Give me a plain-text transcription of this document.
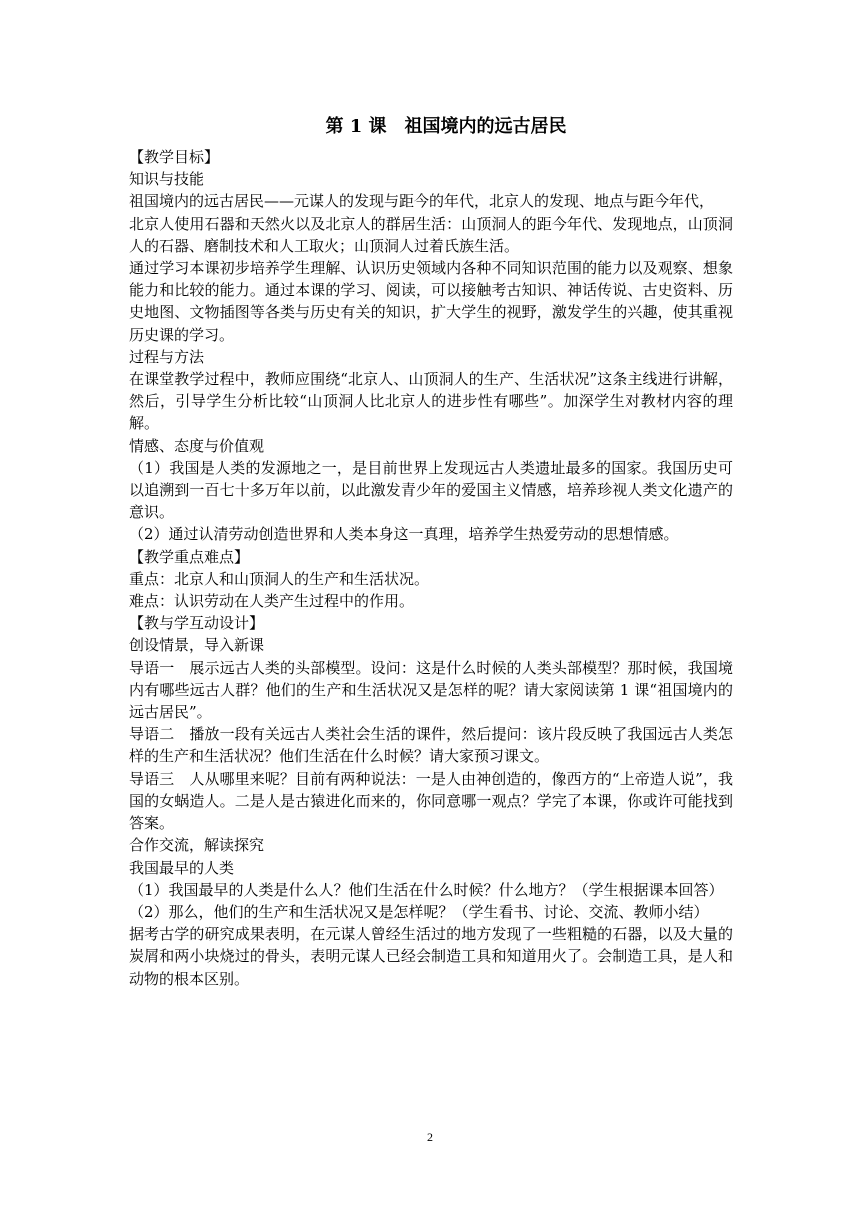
第 1 课　祖国境内的远古居民

【教学目标】

知识与技能

祖国境内的远古居民——元谋人的发现与距今的年代，北京人的发现、地点与距今年代，

北京人使用石器和天然火以及北京人的群居生活：山顶洞人的距今年代、发现地点，山顶洞人的石器、磨制技术和人工取火；山顶洞人过着氏族生活。

通过学习本课初步培养学生理解、认识历史领域内各种不同知识范围的能力以及观察、想象能力和比较的能力。通过本课的学习、阅读，可以接触考古知识、神话传说、古史资料、历史地图、文物插图等各类与历史有关的知识，扩大学生的视野，激发学生的兴趣，使其重视历史课的学习。

过程与方法

在课堂教学过程中，教师应围绕“北京人、山顶洞人的生产、生活状况”这条主线进行讲解，然后，引导学生分析比较“山顶洞人比北京人的进步性有哪些”。加深学生对教材内容的理解。

情感、态度与价值观

（1）我国是人类的发源地之一，是目前世界上发现远古人类遗址最多的国家。我国历史可以追溯到一百七十多万年以前，以此激发青少年的爱国主义情感，培养珍视人类文化遗产的意识。

（2）通过认清劳动创造世界和人类本身这一真理，培养学生热爱劳动的思想情感。

【教学重点难点】

重点：北京人和山顶洞人的生产和生活状况。

难点：认识劳动在人类产生过程中的作用。

【教与学互动设计】

创设情景，导入新课

导语一　展示远古人类的头部模型。设问：这是什么时候的人类头部模型？那时候，我国境内有哪些远古人群？他们的生产和生活状况又是怎样的呢？请大家阅读第 1 课“祖国境内的远古居民”。

导语二　播放一段有关远古人类社会生活的课件，然后提问：该片段反映了我国远古人类怎样的生产和生活状况？他们生活在什么时候？请大家预习课文。

导语三　人从哪里来呢？目前有两种说法：一是人由神创造的，像西方的“上帝造人说”，我国的女蜗造人。二是人是古猿进化而来的，你同意哪一观点？学完了本课，你或许可能找到答案。

合作交流，解读探究

我国最早的人类

（1）我国最早的人类是什么人？他们生活在什么时候？什么地方？（学生根据课本回答）

（2）那么，他们的生产和生活状况又是怎样呢？（学生看书、讨论、交流、教师小结）

据考古学的研究成果表明，在元谋人曾经生活过的地方发现了一些粗糙的石器，以及大量的炭屑和两小块烧过的骨头，表明元谋人已经会制造工具和知道用火了。会制造工具，是人和动物的根本区别。

2
